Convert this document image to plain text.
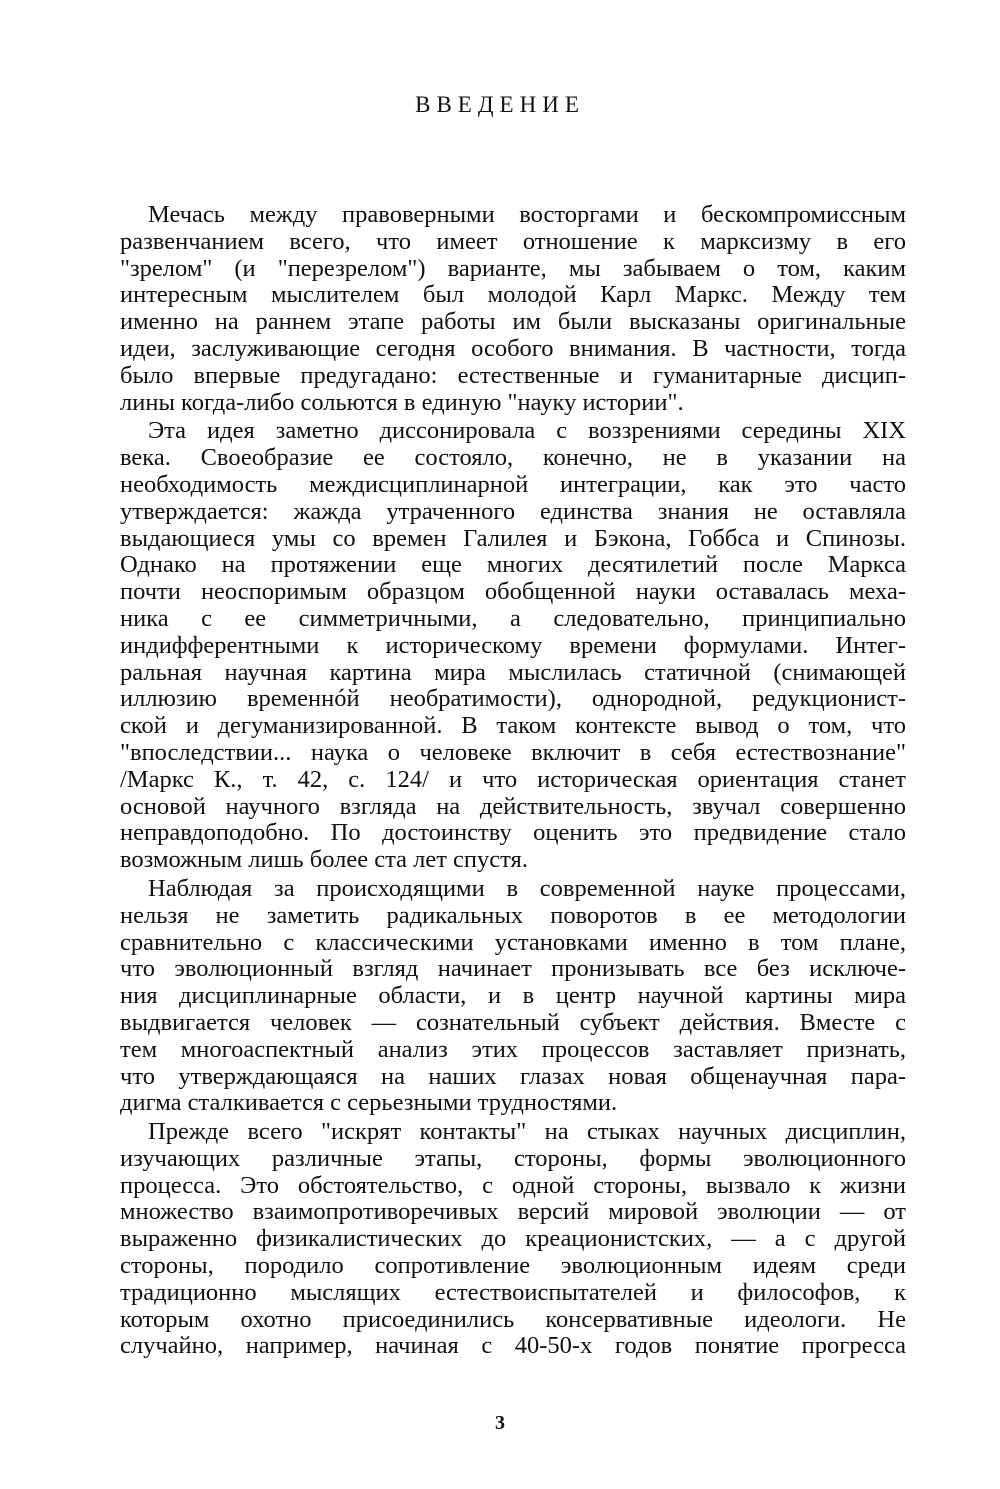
ВВЕДЕНИЕ

Мечась между правоверными восторгами и бескомпромиссным
развенчанием всего, что имеет отношение к марксизму в его
"зрелом" (и "перезрелом") варианте, мы забываем о том, каким
интересным мыслителем был молодой Карл Маркс. Между тем
именно на раннем этапе работы им были высказаны оригинальные
идеи, заслуживающие сегодня особого внимания. В частности, тогда
было впервые предугадано: естественные и гуманитарные дисцип-
лины когда-либо сольются в единую "науку истории".

Эта идея заметно диссонировала с воззрениями середины XIX
века. Своеобразие ее состояло, конечно, не в указании на
необходимость междисциплинарной интеграции, как это часто
утверждается: жажда утраченного единства знания не оставляла
выдающиеся умы со времен Галилея и Бэкона, Гоббса и Спинозы.
Однако на протяжении еще многих десятилетий после Маркса
почти неоспоримым образцом обобщенной науки оставалась меха-
ника с ее симметричными, а следовательно, принципиально
индифферентными к историческому времени формулами. Интег-
ральная научная картина мира мыслилась статичной (снимающей
иллюзию временнóй необратимости), однородной, редукционист-
ской и дегуманизированной. В таком контексте вывод о том, что
"впоследствии... наука о человеке включит в себя естествознание"
/Маркс К., т. 42, с. 124/ и что историческая ориентация станет
основой научного взгляда на действительность, звучал совершенно
неправдоподобно. По достоинству оценить это предвидение стало
возможным лишь более ста лет спустя.

Наблюдая за происходящими в современной науке процессами,
нельзя не заметить радикальных поворотов в ее методологии
сравнительно с классическими установками именно в том плане,
что эволюционный взгляд начинает пронизывать все без исключе-
ния дисциплинарные области, и в центр научной картины мира
выдвигается человек — сознательный субъект действия. Вместе с
тем многоаспектный анализ этих процессов заставляет признать,
что утверждающаяся на наших глазах новая общенаучная пара-
дигма сталкивается с серьезными трудностями.

Прежде всего "искрят контакты" на стыках научных дисциплин,
изучающих различные этапы, стороны, формы эволюционного
процесса. Это обстоятельство, с одной стороны, вызвало к жизни
множество взаимопротиворечивых версий мировой эволюции — от
выраженно физикалистических до креационистских, — а с другой
стороны, породило сопротивление эволюционным идеям среди
традиционно мыслящих естествоиспытателей и философов, к
которым охотно присоединились консервативные идеологи. Не
случайно, например, начиная с 40-50-х годов понятие прогресса

3
